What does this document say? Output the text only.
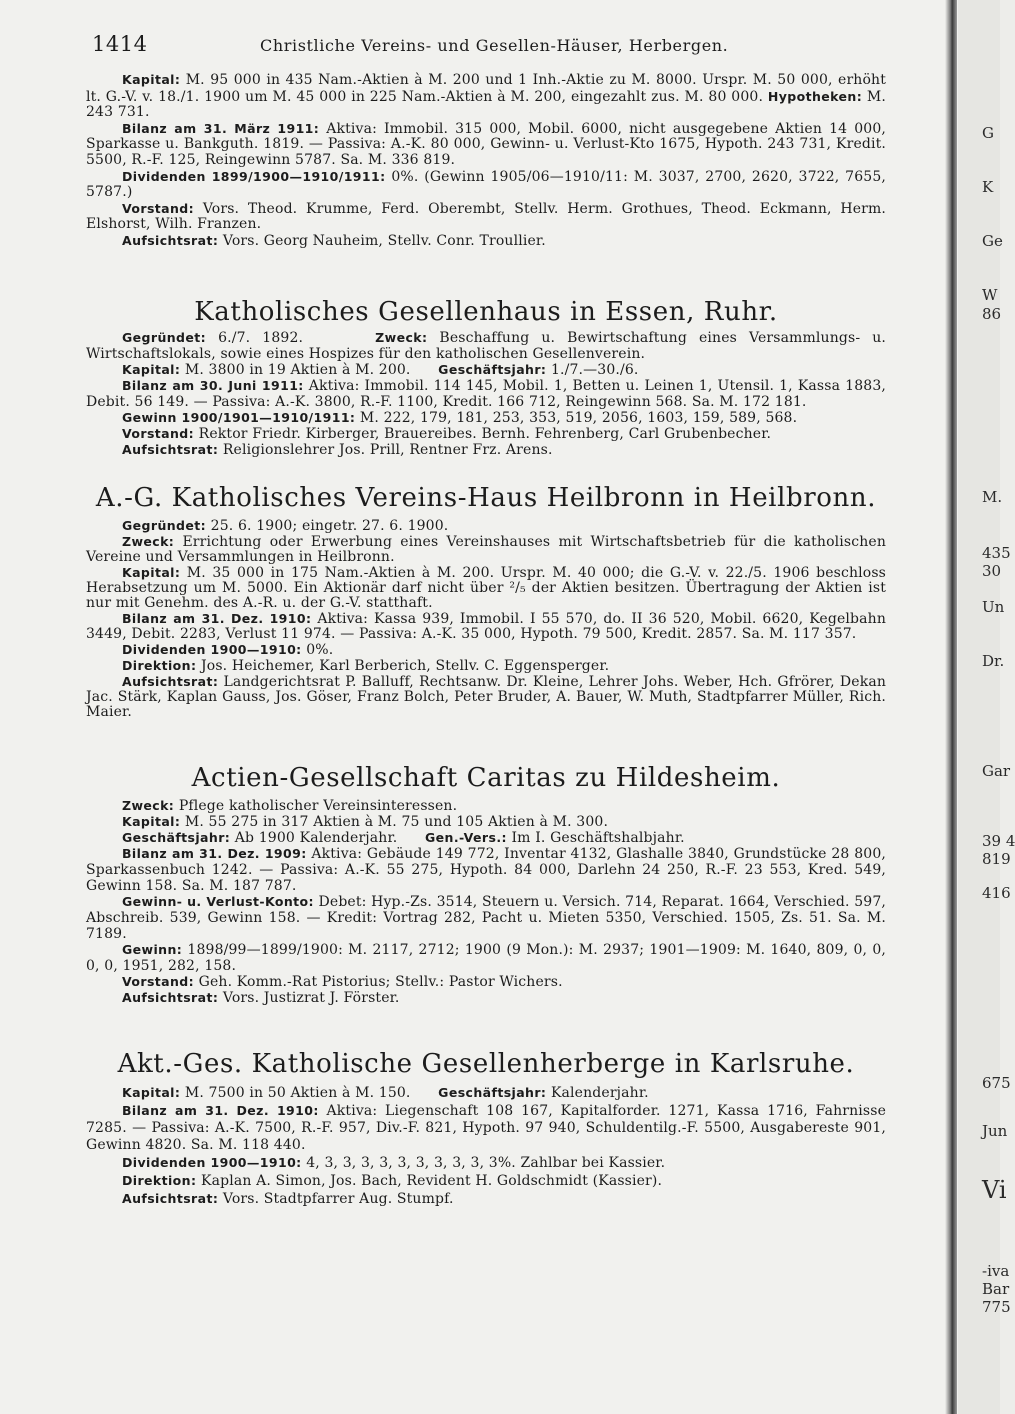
1414	Christliche Vereins- und Gesellen-Häuser, Herbergen.

Kapital: M. 95 000 in 435 Nam.-Aktien à M. 200 und 1 Inh.-Aktie zu M. 8000. Urspr. M. 50 000, erhöht lt. G.-V. v. 18./1. 1900 um M. 45 000 in 225 Nam.-Aktien à M. 200, eingezahlt zus. M. 80 000. Hypotheken: M. 243 731.

Bilanz am 31. März 1911: Aktiva: Immobil. 315 000, Mobil. 6000, nicht ausgegebene Aktien 14 000, Sparkasse u. Bankguth. 1819. — Passiva: A.-K. 80 000, Gewinn- u. Verlust-Kto 1675, Hypoth. 243 731, Kredit. 5500, R.-F. 125, Reingewinn 5787. Sa. M. 336 819.

Dividenden 1899/1900—1910/1911: 0%. (Gewinn 1905/06—1910/11: M. 3037, 2700, 2620, 3722, 7655, 5787.)

Vorstand: Vors. Theod. Krumme, Ferd. Oberembt, Stellv. Herm. Grothues, Theod. Eckmann, Herm. Elshorst, Wilh. Franzen.

Aufsichtsrat: Vors. Georg Nauheim, Stellv. Conr. Troullier.

Katholisches Gesellenhaus in Essen, Ruhr.

Gegründet: 6./7. 1892.	Zweck: Beschaffung u. Bewirtschaftung eines Versammlungs- u. Wirtschaftslokals, sowie eines Hospizes für den katholischen Gesellenverein.

Kapital: M. 3800 in 19 Aktien à M. 200. Geschäftsjahr: 1./7.—30./6.

Bilanz am 30. Juni 1911: Aktiva: Immobil. 114 145, Mobil. 1, Betten u. Leinen 1, Utensil. 1, Kassa 1883, Debit. 56 149. — Passiva: A.-K. 3800, R.-F. 1100, Kredit. 166 712, Reingewinn 568. Sa. M. 172 181.

Gewinn 1900/1901—1910/1911: M. 222, 179, 181, 253, 353, 519, 2056, 1603, 159, 589, 568.

Vorstand: Rektor Friedr. Kirberger, Brauereibes. Bernh. Fehrenberg, Carl Grubenbecher.

Aufsichtsrat: Religionslehrer Jos. Prill, Rentner Frz. Arens.

A.-G. Katholisches Vereins-Haus Heilbronn in Heilbronn.

Gegründet: 25. 6. 1900; eingetr. 27. 6. 1900.

Zweck: Errichtung oder Erwerbung eines Vereinshauses mit Wirtschaftsbetrieb für die katholischen Vereine und Versammlungen in Heilbronn.

Kapital: M. 35 000 in 175 Nam.-Aktien à M. 200. Urspr. M. 40 000; die G.-V. v. 22./5. 1906 beschloss Herabsetzung um M. 5000. Ein Aktionär darf nicht über ²/₅ der Aktien besitzen. Übertragung der Aktien ist nur mit Genehm. des A.-R. u. der G.-V. statthaft.

Bilanz am 31. Dez. 1910: Aktiva: Kassa 939, Immobil. I 55 570, do. II 36 520, Mobil. 6620, Kegelbahn 3449, Debit. 2283, Verlust 11 974. — Passiva: A.-K. 35 000, Hypoth. 79 500, Kredit. 2857. Sa. M. 117 357.

Dividenden 1900—1910: 0%.

Direktion: Jos. Heichemer, Karl Berberich, Stellv. C. Eggensperger.

Aufsichtsrat: Landgerichtsrat P. Balluff, Rechtsanw. Dr. Kleine, Lehrer Johs. Weber, Hch. Gfrörer, Dekan Jac. Stärk, Kaplan Gauss, Jos. Göser, Franz Bolch, Peter Bruder, A. Bauer, W. Muth, Stadtpfarrer Müller, Rich. Maier.

Actien-Gesellschaft Caritas zu Hildesheim.

Zweck: Pflege katholischer Vereinsinteressen.

Kapital: M. 55 275 in 317 Aktien à M. 75 und 105 Aktien à M. 300.

Geschäftsjahr: Ab 1900 Kalenderjahr. Gen.-Vers.: Im I. Geschäftshalbjahr.

Bilanz am 31. Dez. 1909: Aktiva: Gebäude 149 772, Inventar 4132, Glashalle 3840, Grundstücke 28 800, Sparkassenbuch 1242. — Passiva: A.-K. 55 275, Hypoth. 84 000, Darlehn 24 250, R.-F. 23 553, Kred. 549, Gewinn 158. Sa. M. 187 787.

Gewinn- u. Verlust-Konto: Debet: Hyp.-Zs. 3514, Steuern u. Versich. 714, Reparat. 1664, Verschied. 597, Abschreib. 539, Gewinn 158. — Kredit: Vortrag 282, Pacht u. Mieten 5350, Verschied. 1505, Zs. 51. Sa. M. 7189.

Gewinn: 1898/99—1899/1900: M. 2117, 2712; 1900 (9 Mon.): M. 2937; 1901—1909: M. 1640, 809, 0, 0, 0, 0, 1951, 282, 158.

Vorstand: Geh. Komm.-Rat Pistorius; Stellv.: Pastor Wichers.

Aufsichtsrat: Vors. Justizrat J. Förster.

Akt.-Ges. Katholische Gesellenherberge in Karlsruhe.

Kapital: M. 7500 in 50 Aktien à M. 150. Geschäftsjahr: Kalenderjahr.

Bilanz am 31. Dez. 1910: Aktiva: Liegenschaft 108 167, Kapitalforder. 1271, Kassa 1716, Fahrnisse 7285. — Passiva: A.-K. 7500, R.-F. 957, Div.-F. 821, Hypoth. 97 940, Schuldentilg.-F. 5500, Ausgabereste 901, Gewinn 4820. Sa. M. 118 440.

Dividenden 1900—1910: 4, 3, 3, 3, 3, 3, 3, 3, 3, 3, 3%. Zahlbar bei Kassier.

Direktion: Kaplan A. Simon, Jos. Bach, Revident H. Goldschmidt (Kassier).

Aufsichtsrat: Vors. Stadtpfarrer Aug. Stumpf.

G
K
Ge
W
86
M.
435
30
Un
Dr.
Gar
39 4
819
416
675
Jun
Vi
-iva
Bar
775
